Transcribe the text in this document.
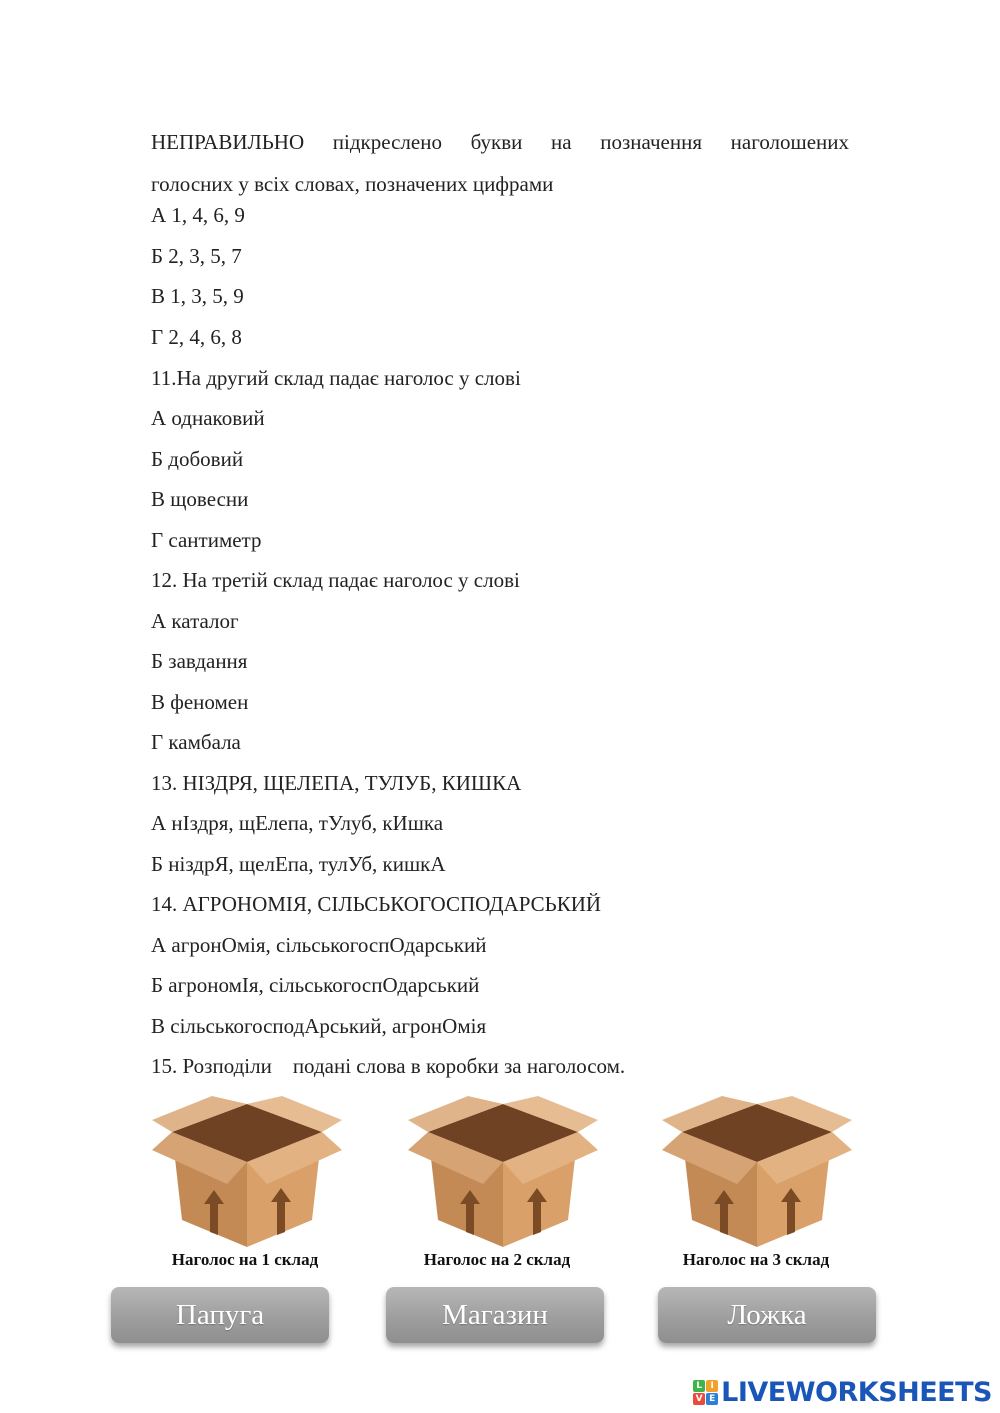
НЕПРАВИЛЬНО підкреслено букви на позначення наголошених
голосних у всіх словах, позначених цифрами
А 1, 4, 6, 9
Б 2, 3, 5, 7
В 1, 3, 5, 9
Г 2, 4, 6, 8
11.На другий склад падає наголос у слові
А однаковий
Б добовий
В щовесни
Г сантиметр
12. На третій склад падає наголос у слові
А каталог
Б завдання
В феномен
Г камбала
13. НІЗДРЯ, ЩЕЛЕПА, ТУЛУБ, КИШКА
А нІздря, щЕлепа, тУлуб, кИшка
Б ніздрЯ, щелЕпа, тулУб, кишкА
14. АГРОНОМІЯ, СІЛЬСЬКОГОСПОДАРСЬКИЙ
А агронОмія, сільськогоспОдарський
Б агрономІя, сільськогоспОдарський
В сільськогосподАрський, агронОмія
15. Розподіли    подані слова в коробки за наголосом.
Наголос на 1 склад	Наголос на 2 склад	Наголос на 3 склад
Папуга	Магазин	Ложка
L I
V E LIVEWORKSHEETS
